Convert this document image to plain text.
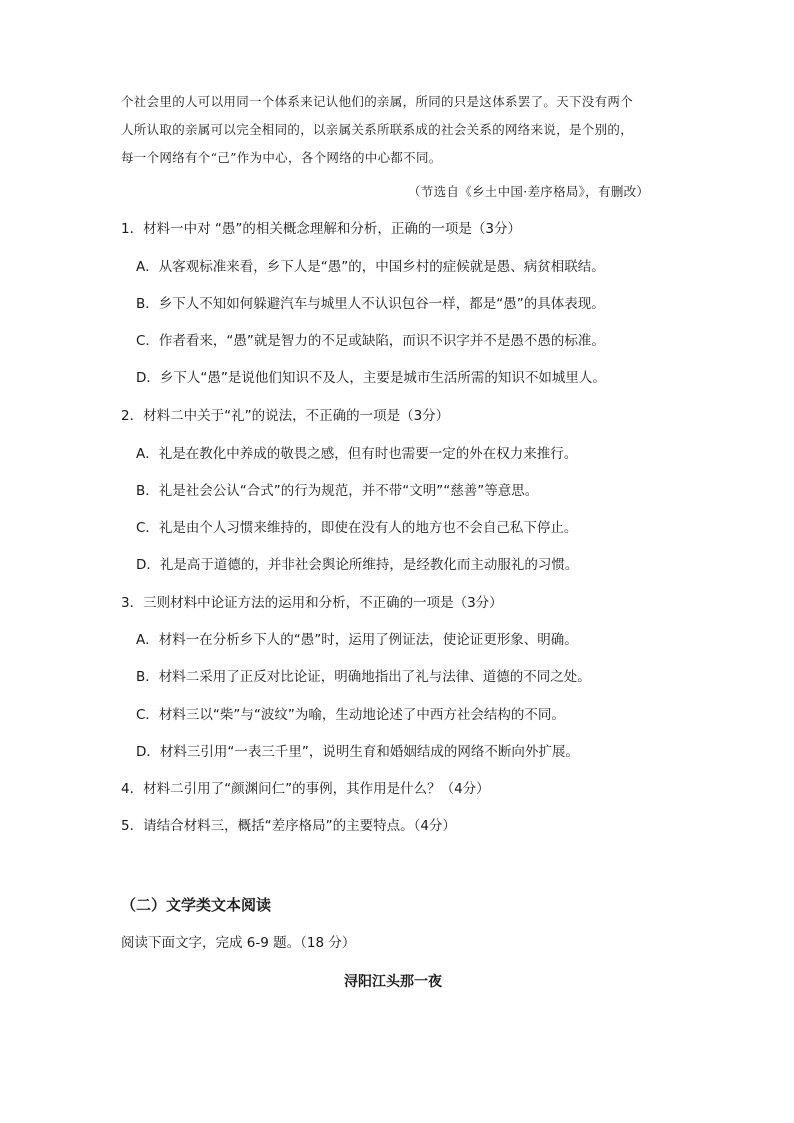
个社会里的人可以用同一个体系来记认他们的亲属，所同的只是这体系罢了。天下没有两个
人所认取的亲属可以完全相同的，以亲属关系所联系成的社会关系的网络来说，是个别的，
每一个网络有个“己”作为中心，各个网络的中心都不同。
（节选自《乡土中国·差序格局》，有删改）
1．材料一中对 “愚”的相关概念理解和分析，正确的一项是（3分）
A．从客观标准来看，乡下人是“愚”的，中国乡村的症候就是愚、病贫相联结。
B．乡下人不知如何躲避汽车与城里人不认识包谷一样，都是“愚”的具体表现。
C．作者看来，“愚”就是智力的不足或缺陷，而识不识字并不是愚不愚的标准。
D．乡下人“愚”是说他们知识不及人，主要是城市生活所需的知识不如城里人。
2．材料二中关于“礼”的说法，不正确的一项是（3分）
A．礼是在教化中养成的敬畏之感，但有时也需要一定的外在权力来推行。
B．礼是社会公认“合式”的行为规范，并不带“文明”“慈善”等意思。
C．礼是由个人习惯来维持的，即使在没有人的地方也不会自己私下停止。
D．礼是高于道德的，并非社会舆论所维持，是经教化而主动服礼的习惯。
3．三则材料中论证方法的运用和分析，不正确的一项是（3分）
A．材料一在分析乡下人的“愚”时，运用了例证法，使论证更形象、明确。
B．材料二采用了正反对比论证，明确地指出了礼与法律、道德的不同之处。
C．材料三以“柴”与“波纹”为喻，生动地论述了中西方社会结构的不同。
D．材料三引用“一表三千里”，说明生育和婚姻结成的网络不断向外扩展。
4．材料二引用了“颜渊问仁”的事例，其作用是什么？（4分）
5．请结合材料三，概括“差序格局”的主要特点。（4分）
（二）文学类文本阅读
阅读下面文字，完成 6-9 题。（18 分）
浔阳江头那一夜
